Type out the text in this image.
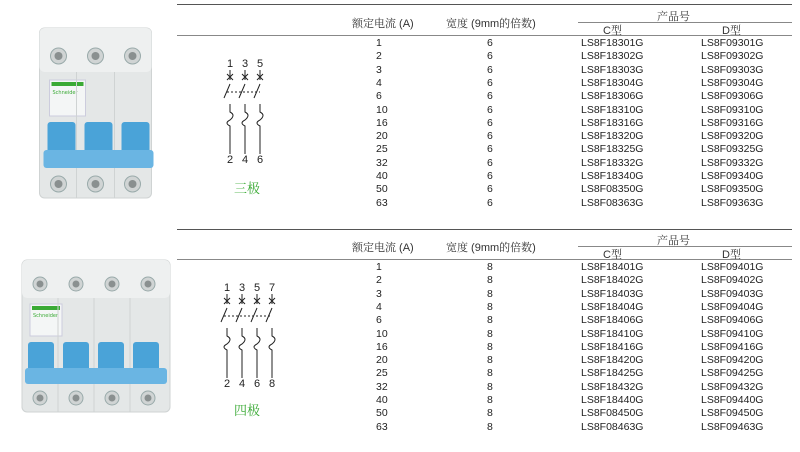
Schneider
1 3 5
2 4 6
三极
额定电流 (A)	宽度 (9mm的倍数)
产品号
C型	D型
1	6	LS8F18301G	LS8F09301G
2	6	LS8F18302G	LS8F09302G
3	6	LS8F18303G	LS8F09303G
4	6	LS8F18304G	LS8F09304G
6	6	LS8F18306G	LS8F09306G
10	6	LS8F18310G	LS8F09310G
16	6	LS8F18316G	LS8F09316G
20	6	LS8F18320G	LS8F09320G
25	6	LS8F18325G	LS8F09325G
32	6	LS8F18332G	LS8F09332G
40	6	LS8F18340G	LS8F09340G
50	6	LS8F08350G	LS8F09350G
63	6	LS8F08363G	LS8F09363G
Schneider
1 3 5 7
2 4 6 8
四极
额定电流 (A)	宽度 (9mm的倍数)
产品号
C型	D型
1	8	LS8F18401G	LS8F09401G
2	8	LS8F18402G	LS8F09402G
3	8	LS8F18403G	LS8F09403G
4	8	LS8F18404G	LS8F09404G
6	8	LS8F18406G	LS8F09406G
10	8	LS8F18410G	LS8F09410G
16	8	LS8F18416G	LS8F09416G
20	8	LS8F18420G	LS8F09420G
25	8	LS8F18425G	LS8F09425G
32	8	LS8F18432G	LS8F09432G
40	8	LS8F18440G	LS8F09440G
50	8	LS8F08450G	LS8F09450G
63	8	LS8F08463G	LS8F09463G
